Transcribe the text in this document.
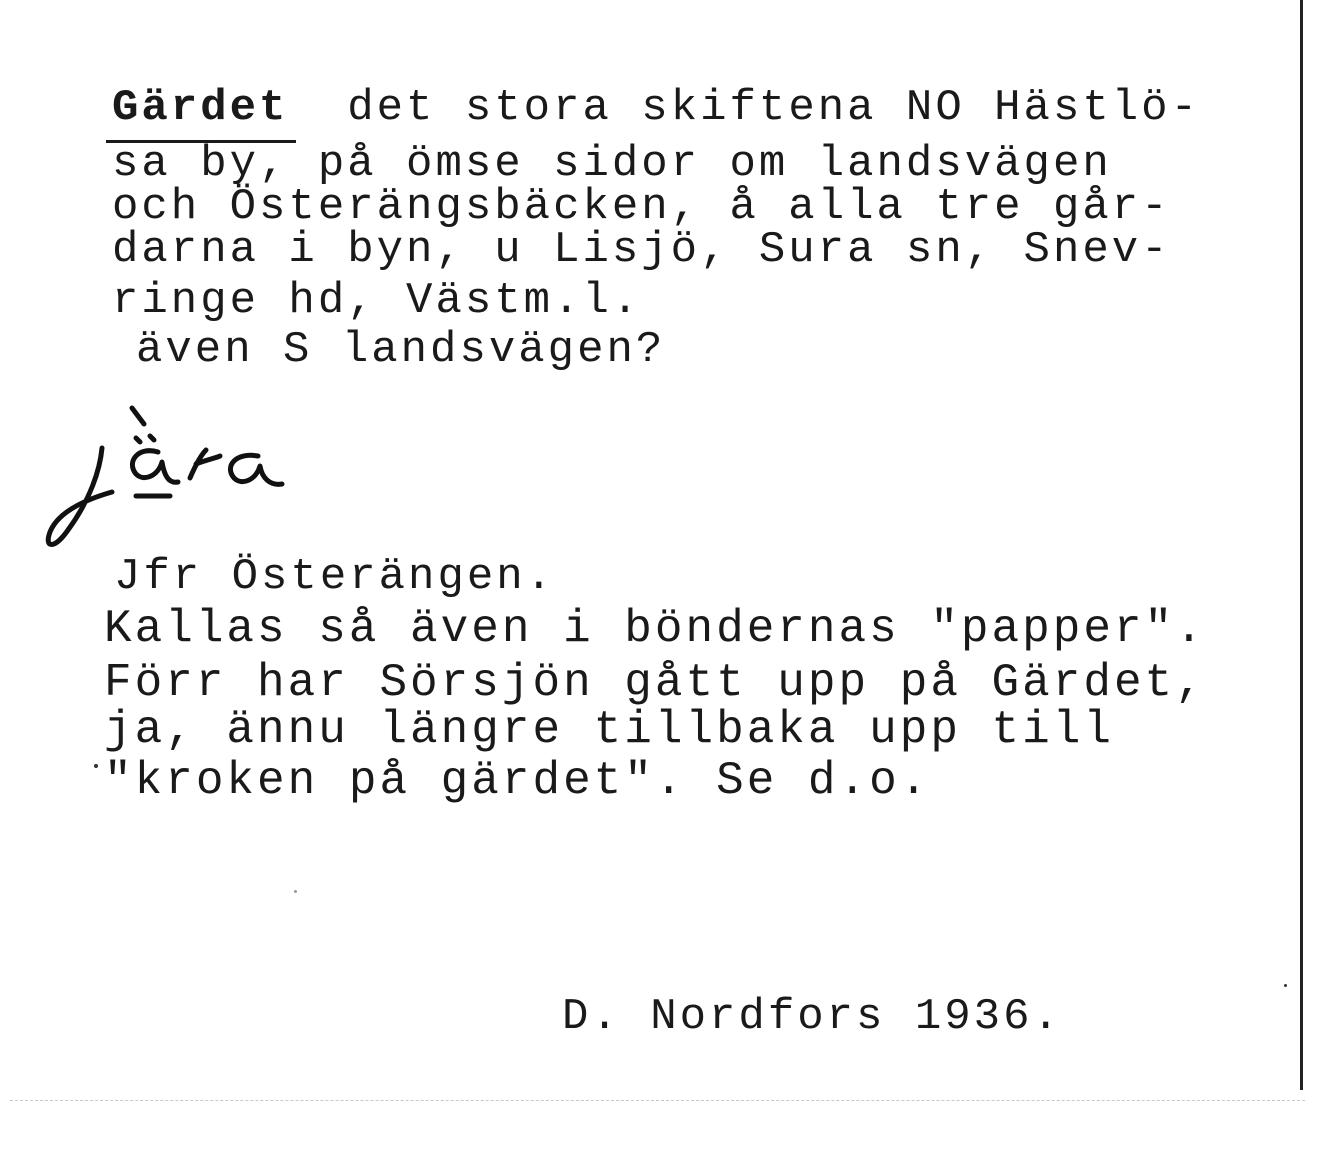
Gärdet det stora skiftena NO Hästlö-

sa by, på ömse sidor om landsvägen

och Österängsbäcken, å alla tre går-

darna i byn, u Lisjö, Sura sn, Snev-

ringe hd, Västm.l.

även S landsvägen?

Jfr Österängen.

Kallas så även i böndernas "papper".

Förr har Sörsjön gått upp på Gärdet,

ja, ännu längre tillbaka upp till

"kroken på gärdet". Se d.o.

D. Nordfors 1936.
